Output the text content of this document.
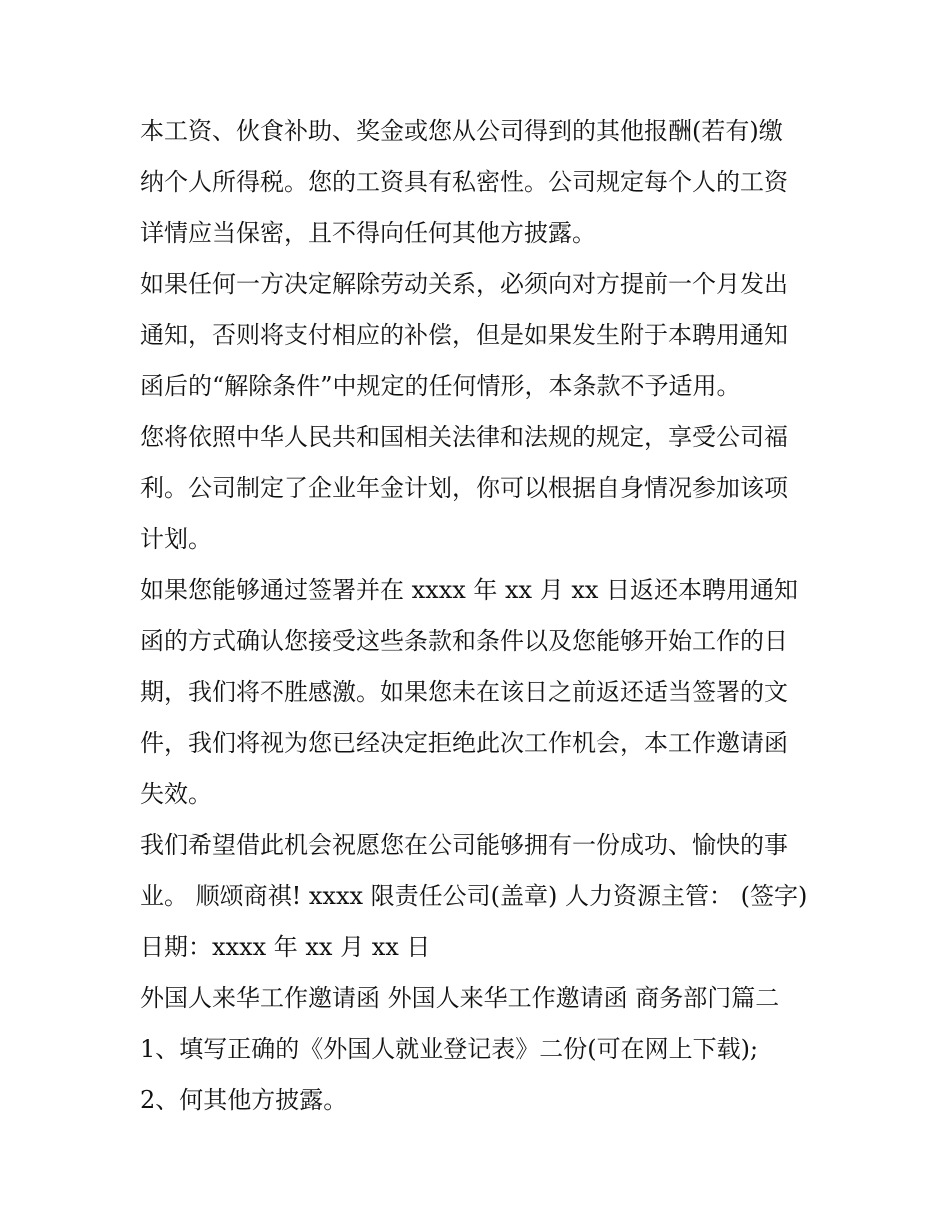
本工资、伙食补助、奖金或您从公司得到的其他报酬(若有)缴
纳个人所得税。您的工资具有私密性。公司规定每个人的工资
详情应当保密，且不得向任何其他方披露。
如果任何一方决定解除劳动关系，必须向对方提前一个月发出
通知，否则将支付相应的补偿，但是如果发生附于本聘用通知
函后的“解除条件”中规定的任何情形，本条款不予适用。
您将依照中华人民共和国相关法律和法规的规定，享受公司福
利。公司制定了企业年金计划，你可以根据自身情况参加该项
计划。
如果您能够通过签署并在 xxxx 年 xx 月 xx 日返还本聘用通知
函的方式确认您接受这些条款和条件以及您能够开始工作的日
期，我们将不胜感激。如果您未在该日之前返还适当签署的文
件，我们将视为您已经决定拒绝此次工作机会，本工作邀请函
失效。
我们希望借此机会祝愿您在公司能够拥有一份成功、愉快的事
业。 顺颂商祺! xxxx 限责任公司(盖章) 人力资源主管： (签字)
日期：xxxx 年 xx 月 xx 日
外国人来华工作邀请函 外国人来华工作邀请函 商务部门篇二
1、填写正确的《外国人就业登记表》二份(可在网上下载);
2、何其他方披露。
